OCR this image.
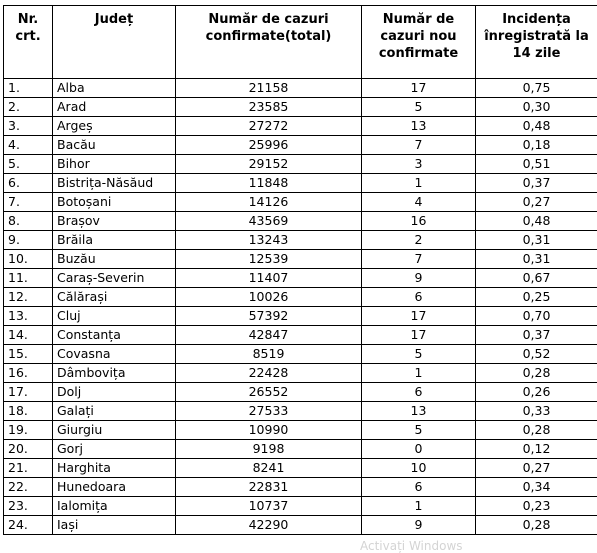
Nr. crt.	Județ	Număr de cazuri confirmate(total)	Număr de cazuri nou confirmate	Incidența înregistrată la 14 zile
1.	Alba	21158	17	0,75
2.	Arad	23585	5	0,30
3.	Argeș	27272	13	0,48
4.	Bacău	25996	7	0,18
5.	Bihor	29152	3	0,51
6.	Bistrița-Năsăud	11848	1	0,37
7.	Botoșani	14126	4	0,27
8.	Brașov	43569	16	0,48
9.	Brăila	13243	2	0,31
10.	Buzău	12539	7	0,31
11.	Caraș-Severin	11407	9	0,67
12.	Călărași	10026	6	0,25
13.	Cluj	57392	17	0,70
14.	Constanța	42847	17	0,37
15.	Covasna	8519	5	0,52
16.	Dâmbovița	22428	1	0,28
17.	Dolj	26552	6	0,26
18.	Galați	27533	13	0,33
19.	Giurgiu	10990	5	0,28
20.	Gorj	9198	0	0,12
21.	Harghita	8241	10	0,27
22.	Hunedoara	22831	6	0,34
23.	Ialomița	10737	1	0,23
24.	Iași	42290	9	0,28
Activați Windows
